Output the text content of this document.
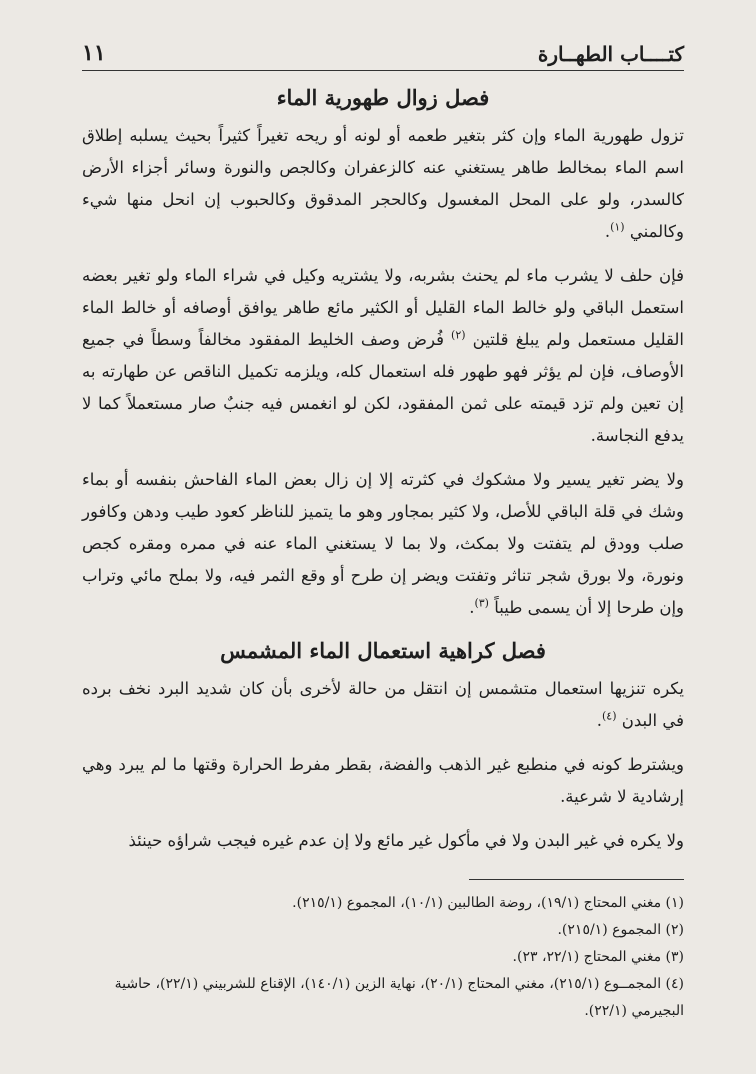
كتــــاب الطهــارة
١١
فصل زوال طهورية الماء

تزول طهورية الماء وإن كثر بتغير طعمه أو لونه أو ريحه تغيراً كثيراً بحيث يسلبه إطلاق اسم الماء بمخالط طاهر يستغني عنه كالزعفران وكالجص والنورة وسائر أجزاء الأرض كالسدر، ولو على المحل المغسول وكالحجر المدقوق وكالحبوب إن انحل منها شيء وكالمني $^{(١)}$.

فإن حلف لا يشرب ماء لم يحنث بشربه، ولا يشتريه وكيل في شراء الماء ولو تغير بعضه استعمل الباقي ولو خالط الماء القليل أو الكثير مائع طاهر يوافق أوصافه أو خالط الماء القليل مستعمل ولم يبلغ قلتين $^{(٢)}$ فُرض وصف الخليط المفقود مخالفاً وسطاً في جميع الأوصاف، فإن لم يؤثر فهو طهور فله استعمال كله، ويلزمه تكميل الناقص عن طهارته به إن تعين ولم تزد قيمته على ثمن المفقود، لكن لو انغمس فيه جنبٌ صار مستعملاً كما لا يدفع النجاسة.

ولا يضر تغير يسير ولا مشكوك في كثرته إلا إن زال بعض الماء الفاحش بنفسه أو بماء وشك في قلة الباقي للأصل، ولا كثير بمجاور وهو ما يتميز للناظر كعود طيب ودهن وكافور صلب وودق لم يتفتت ولا بمكث، ولا بما لا يستغني الماء عنه في ممره ومقره كجص ونورة، ولا بورق شجر تناثر وتفتت ويضر إن طرح أو وقع الثمر فيه، ولا بملح مائي وتراب وإن طرحا إلا أن يسمى طيباً $^{(٣)}$.

فصل كراهية استعمال الماء المشمس

يكره تنزيها استعمال متشمس إن انتقل من حالة لأخرى بأن كان شديد البرد نخف برده في البدن $^{(٤)}$.

ويشترط كونه في منطبع غير الذهب والفضة، بقطر مفرط الحرارة وقتها ما لم يبرد وهي إرشادية لا شرعية.

ولا يكره في غير البدن ولا في مأكول غير مائع ولا إن عدم غيره فيجب شراؤه حينئذ

(١) مغني المحتاج (١٩/١)، روضة الطالبين (١٠/١)، المجموع (٢١٥/١).

(٢) المجموع (٢١٥/١).

(٣) مغني المحتاج (٢٢/١، ٢٣).

(٤) المجمــوع (٢١٥/١)، مغني المحتاج (٢٠/١)، نهاية الزين (١٤٠/١)، الإقناع للشربيني (٢٢/١)، حاشية البجيرمي (٢٢/١).
